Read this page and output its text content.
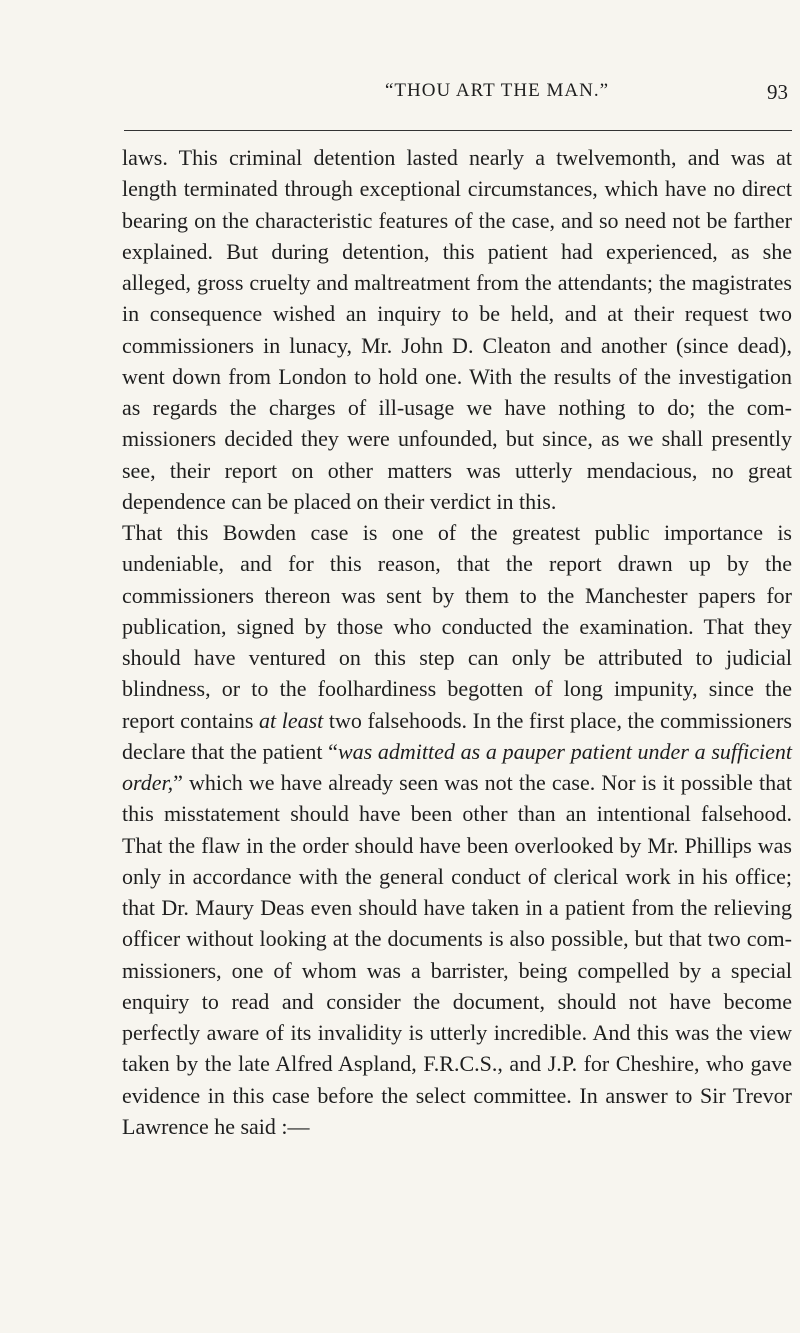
“THOU ART THE MAN.”	93

laws. This criminal detention lasted nearly a twelvemonth, and was at length terminated through exceptional circumstances, which have no direct bearing on the characteristic features of the case, and so need not be farther explained. But during detention, this patient had experienced, as she alleged, gross cruelty and maltreatment from the attendants; the magistrates in consequence wished an inquiry to be held, and at their request two commissioners in lunacy, Mr. John D. Cleaton and another (since dead), went down from London to hold one. With the results of the investigation as regards the charges of ill-usage we have nothing to do; the commissioners decided they were unfounded, but since, as we shall presently see, their report on other matters was utterly mendacious, no great dependence can be placed on their verdict in this.

That this Bowden case is one of the greatest public importance is undeniable, and for this reason, that the report drawn up by the commissioners thereon was sent by them to the Manchester papers for publication, signed by those who conducted the examination. That they should have ventured on this step can only be attributed to judicial blindness, or to the foolhardiness begotten of long impunity, since the report contains at least two falsehoods. In the first place, the commissioners declare that the patient “was admitted as a pauper patient under a sufficient order,” which we have already seen was not the case. Nor is it possible that this misstatement should have been other than an intentional falsehood. That the flaw in the order should have been overlooked by Mr. Phillips was only in accordance with the general conduct of clerical work in his office; that Dr. Maury Deas even should have taken in a patient from the relieving officer without looking at the documents is also possible, but that two commissioners, one of whom was a barrister, being compelled by a special enquiry to read and consider the document, should not have become perfectly aware of its invalidity is utterly incredible. And this was the view taken by the late Alfred Aspland, F.R.C.S., and J.P. for Cheshire, who gave evidence in this case before the select committee. In answer to Sir Trevor Lawrence he said :—
